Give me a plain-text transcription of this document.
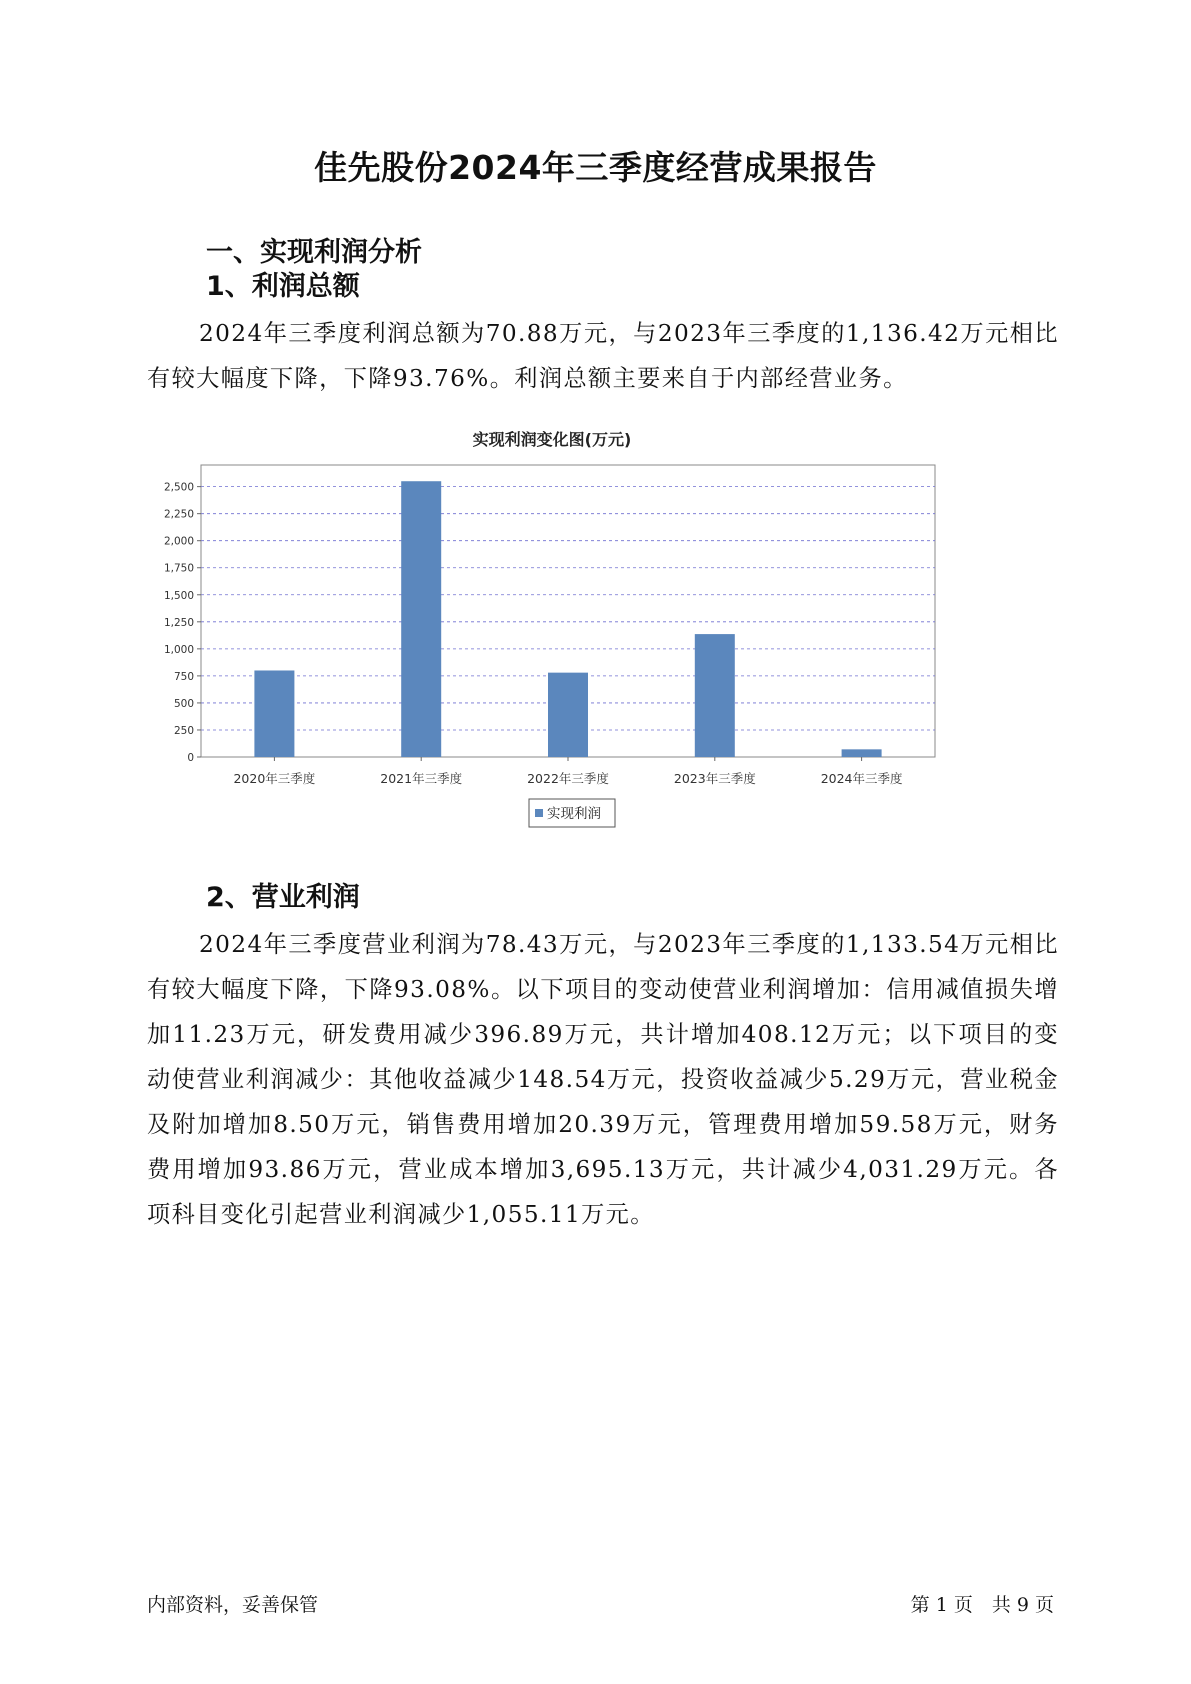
佳先股份2024年三季度经营成果报告
一、实现利润分析
1、利润总额

2024年三季度利润总额为70.88万元，与2023年三季度的1,136.42万元相比有较大幅度下降，下降93.76%。利润总额主要来自于内部经营业务。

实现利润变化图(万元)
0
250
500
750
1,000
1,250
1,500
1,750
2,000
2,250
2,500
2020年三季度	2021年三季度	2022年三季度	2023年三季度	2024年三季度
实现利润
2、营业利润

2024年三季度营业利润为78.43万元，与2023年三季度的1,133.54万元相比有较大幅度下降，下降93.08%。以下项目的变动使营业利润增加：信用减值损失增加11.23万元，研发费用减少396.89万元，共计增加408.12万元；以下项目的变动使营业利润减少：其他收益减少148.54万元，投资收益减少5.29万元，营业税金及附加增加8.50万元，销售费用增加20.39万元，管理费用增加59.58万元，财务费用增加93.86万元，营业成本增加3,695.13万元，共计减少4,031.29万元。各项科目变化引起营业利润减少1,055.11万元。

内部资料，妥善保管	第 1 页　共 9 页
